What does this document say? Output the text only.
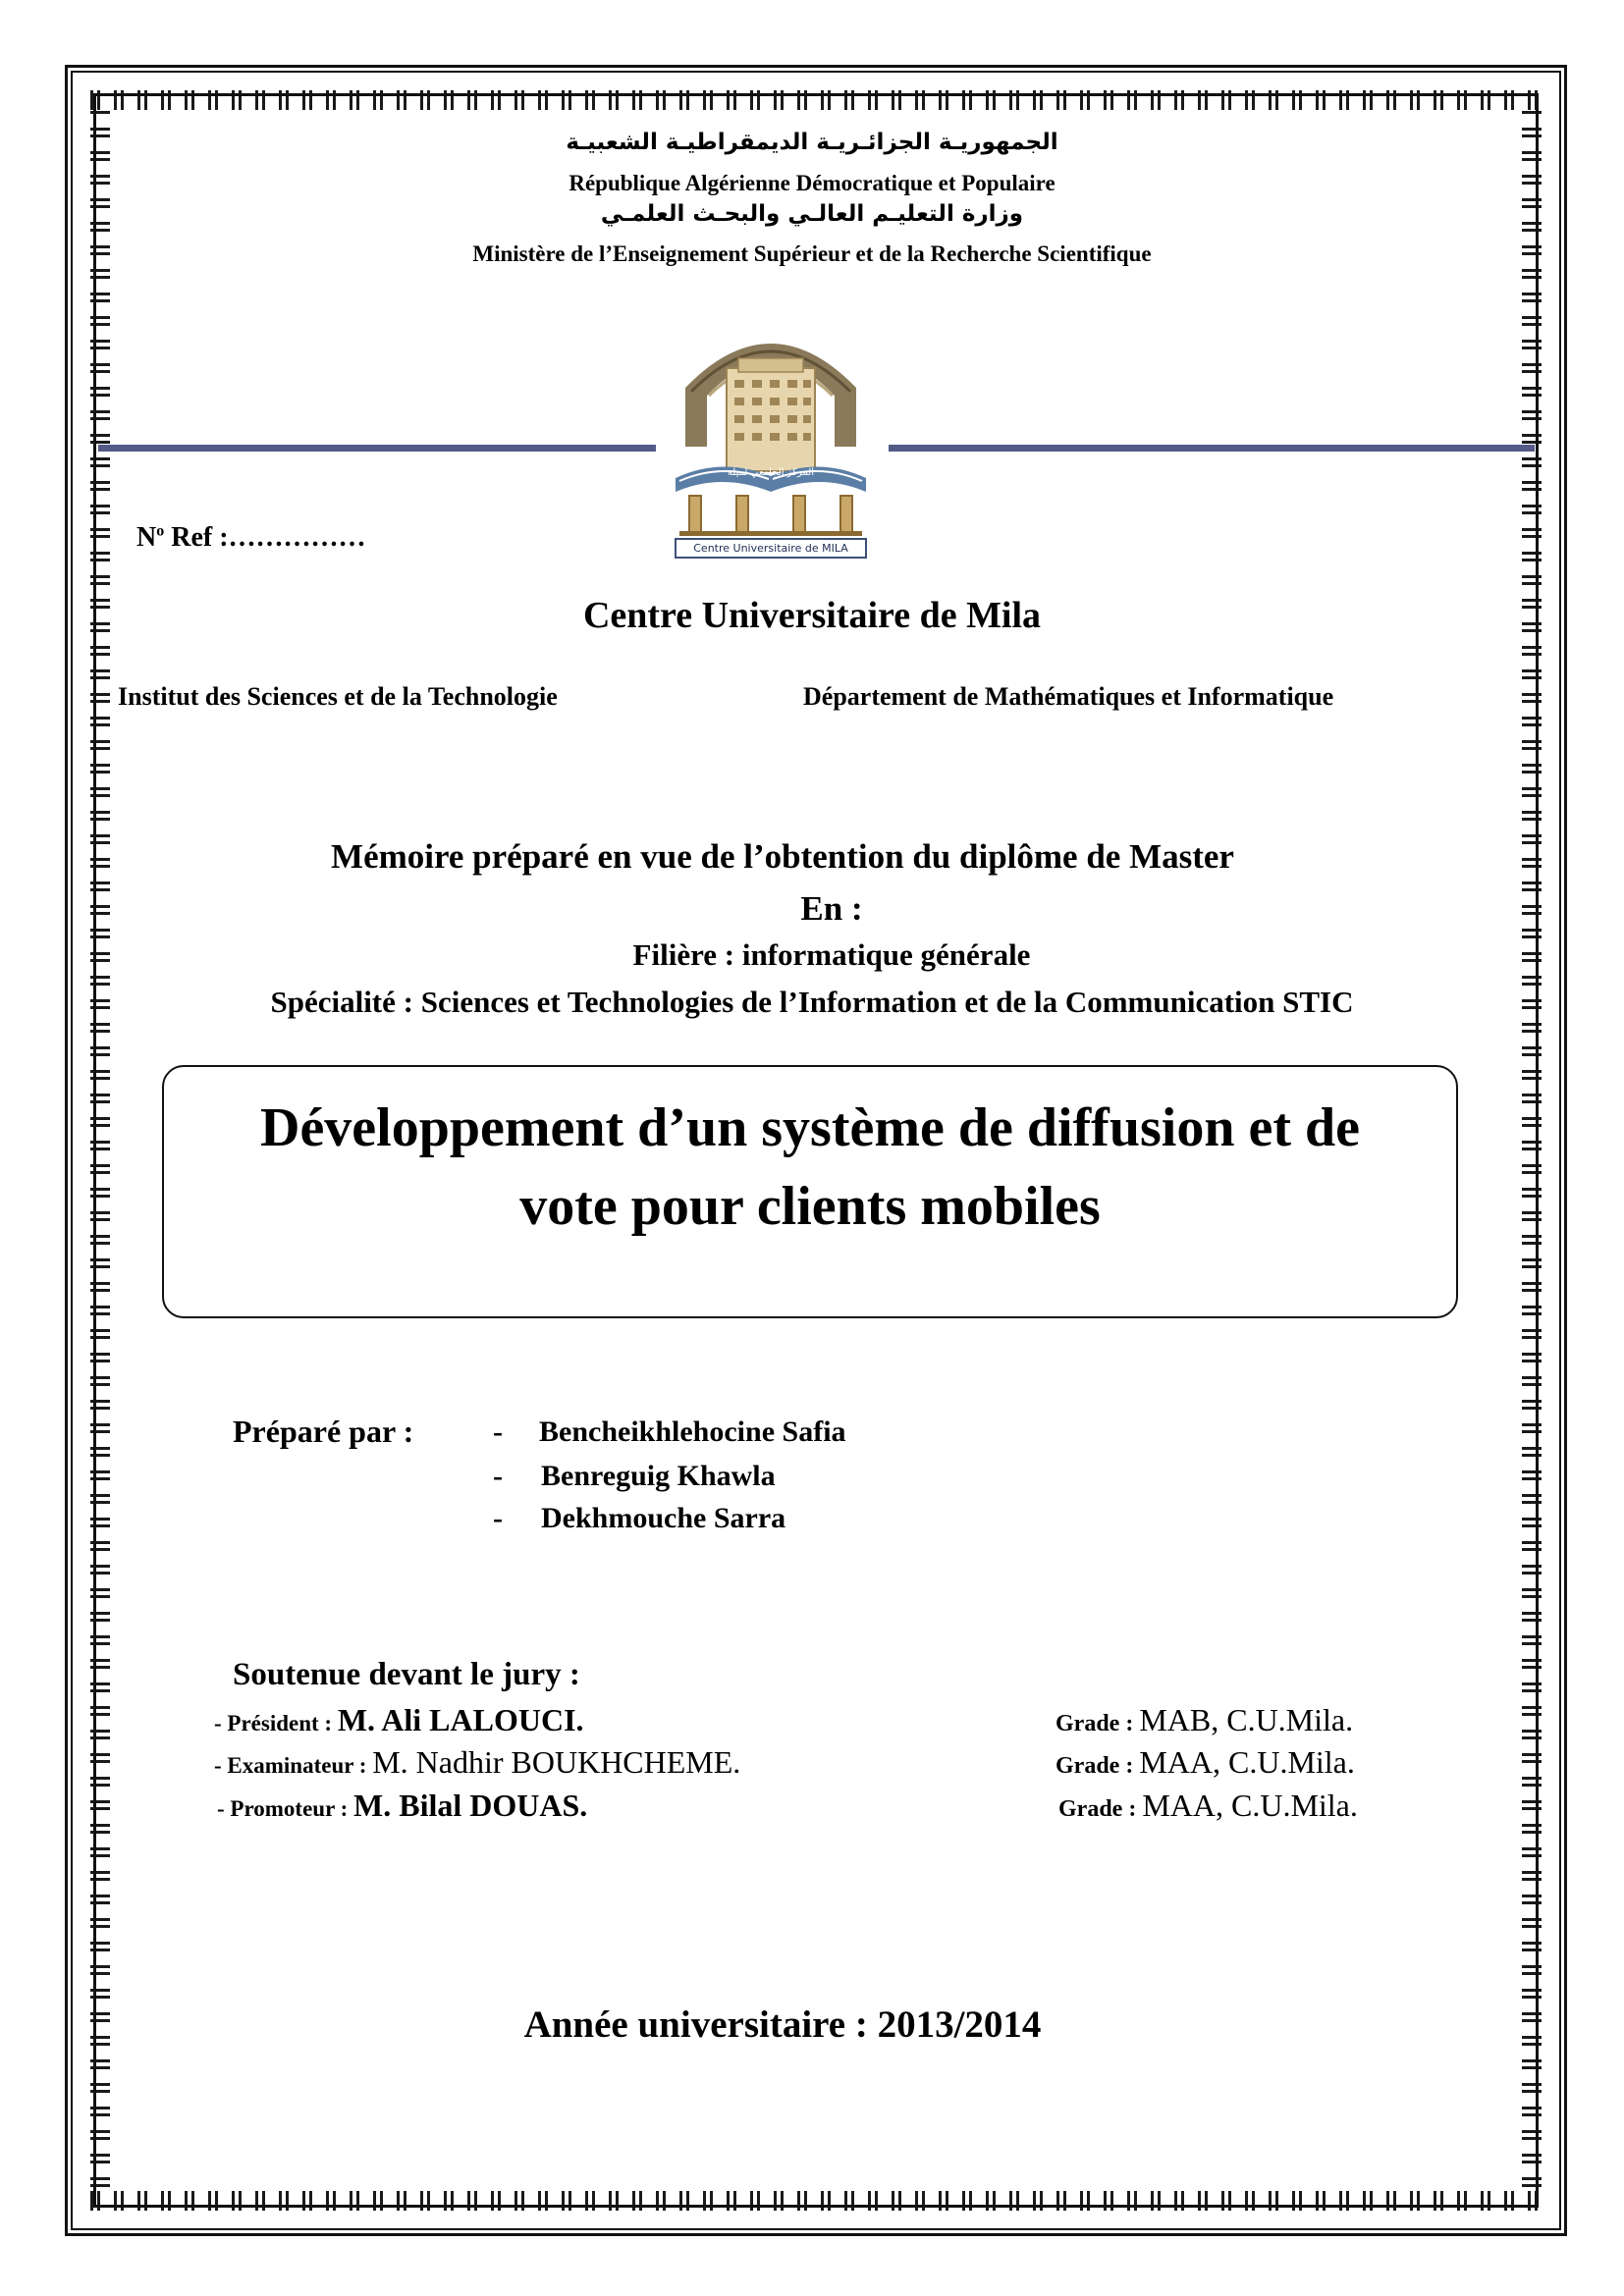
الجمهوريـة الجزائـريـة الديمقراطيـة الشعبيـة
République Algérienne Démocratique et Populaire
وزارة التعليـم العالـي والبحـث العلمـي
Ministère de l’Enseignement Supérieur et de la Recherche Scientifique
المركز الجامعي لميلة
Centre Universitaire de MILA
$N^o$ Ref :……………
Centre Universitaire de Mila
Institut des Sciences et de la Technologie	Département de Mathématiques et Informatique
Mémoire préparé en vue de l’obtention du diplôme de Master
En :
Filière : informatique générale
Spécialité : Sciences et Technologies de l’Information et de la Communication STIC
Développement d’un système de diffusion et de
vote pour clients mobiles
Préparé par :	- Bencheikhlehocine Safia
- Benreguig Khawla
- Dekhmouche Sarra
Soutenue devant le jury :
- Président : M. Ali LALOUCI.	Grade : MAB, C.U.Mila.
- Examinateur : M. Nadhir BOUKHCHEME.	Grade : MAA, C.U.Mila.
- Promoteur : M. Bilal DOUAS.	Grade : MAA, C.U.Mila.
Année universitaire : 2013/2014
